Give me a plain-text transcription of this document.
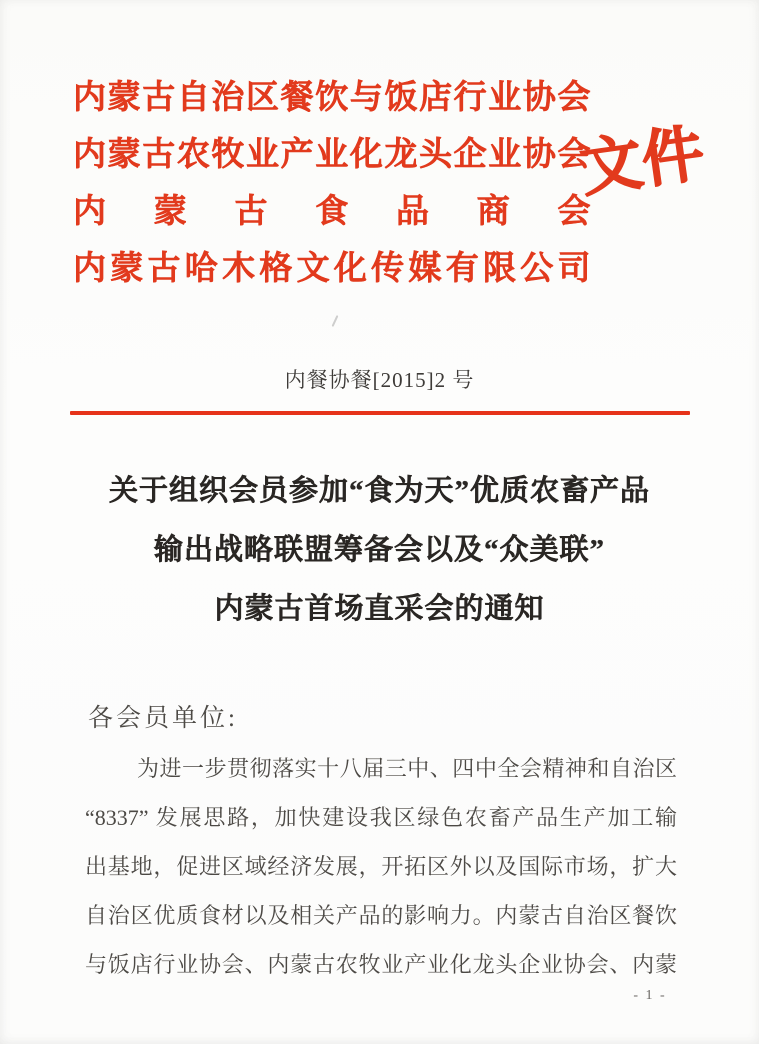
内蒙古自治区餐饮与饭店行业协会
内蒙古农牧业产业化龙头企业协会
内蒙古食品商会
内蒙古哈木格文化传媒有限公司
文件
内餐协餐[2015]2 号
关于组织会员参加“食为天”优质农畜产品
输出战略联盟筹备会以及“众美联”
内蒙古首场直采会的通知
各会员单位:
为进一步贯彻落实十八届三中、四中全会精神和自治区
“8337” 发展思路，加快建设我区绿色农畜产品生产加工输
出基地，促进区域经济发展，开拓区外以及国际市场，扩大
自治区优质食材以及相关产品的影响力。内蒙古自治区餐饮
与饭店行业协会、内蒙古农牧业产业化龙头企业协会、内蒙
- 1 -
